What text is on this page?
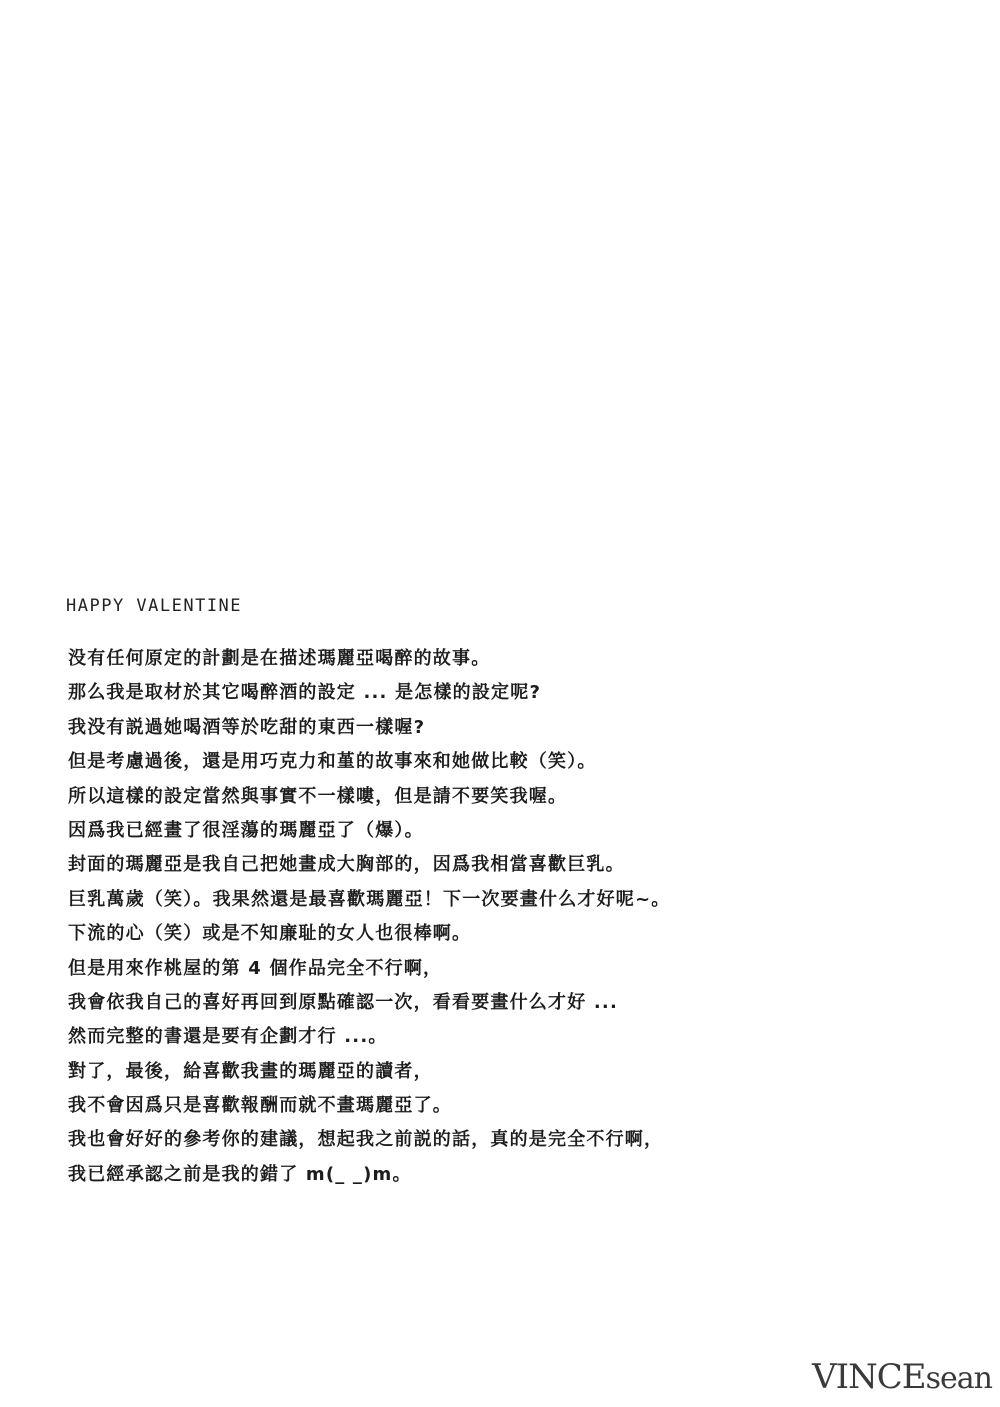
HAPPY VALENTINE
没有任何原定的計劃是在描述瑪麗亞喝醉的故事。
那么我是取材於其它喝醉酒的設定 ... 是怎樣的設定呢?
我没有説過她喝酒等於吃甜的東西一樣喔?
但是考慮過後，還是用巧克力和堇的故事來和她做比較（笑）。
所以這樣的設定當然與事實不一樣嘍，但是請不要笑我喔。
因爲我已經畫了很淫蕩的瑪麗亞了（爆）。
封面的瑪麗亞是我自己把她畫成大胸部的，因爲我相當喜歡巨乳。
巨乳萬歲（笑）。我果然還是最喜歡瑪麗亞！下一次要畫什么才好呢~。
下流的心（笑）或是不知廉耻的女人也很棒啊。
但是用來作桃屋的第 4 個作品完全不行啊，
我會依我自己的喜好再回到原點確認一次，看看要畫什么才好 ...
然而完整的書還是要有企劃才行 ...。
對了，最後，給喜歡我畫的瑪麗亞的讀者，
我不會因爲只是喜歡報酬而就不畫瑪麗亞了。
我也會好好的參考你的建議，想起我之前説的話，真的是完全不行啊，
我已經承認之前是我的錯了 m(_ _)m。
VINCEsean
